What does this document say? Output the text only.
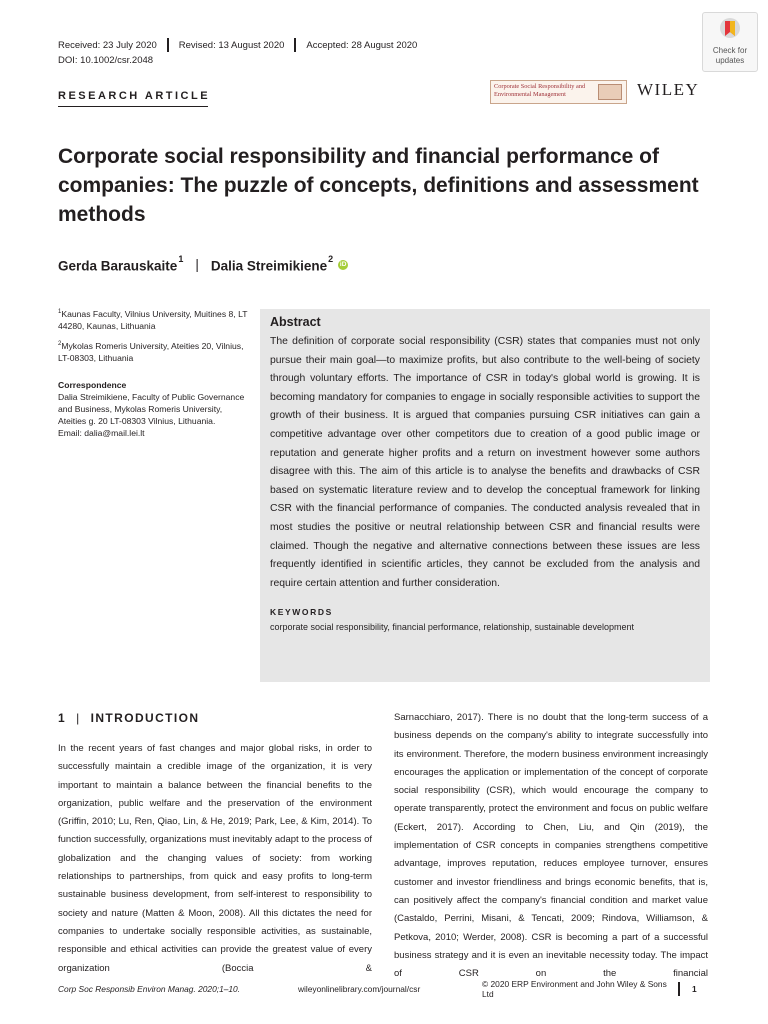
Received: 23 July 2020 Revised: 13 August 2020 Accepted: 28 August 2020
DOI: 10.1002/csr.2048
RESEARCH ARTICLE
Check for
updates
Corporate Social Responsibility and Environmental Management	WILEY
Corporate social responsibility and financial performance of companies: The puzzle of concepts, definitions and assessment methods
Gerda Barauskaite$^1$ | Dalia Streimikiene$^2$
iD

$^1$Kaunas Faculty, Vilnius University, Muitines 8, LT 44280, Kaunas, Lithuania

$^2$Mykolas Romeris University, Ateities 20, Vilnius, LT-08303, Lithuania

Correspondence
Dalia Streimikiene, Faculty of Public Governance and Business, Mykolas Romeris University, Ateities g. 20 LT-08303 Vilnius, Lithuania.
Email: dalia@mail.lei.lt
Abstract

The definition of corporate social responsibility (CSR) states that companies must not only pursue their main goal—to maximize profits, but also contribute to the well-being of society through voluntary efforts. The importance of CSR in today's global world is growing. It is becoming mandatory for companies to engage in socially responsible activities to support the growth of their business. It is argued that companies pursuing CSR initiatives can gain a competitive advantage over other competitors due to creation of a good public image or reputation and generate higher profits and a return on investment however some authors disagree with this. The aim of this article is to analyse the benefits and drawbacks of CSR based on systematic literature review and to develop the conceptual framework for linking CSR with the financial performance of companies. The conducted analysis revealed that in most studies the positive or neutral relationship between CSR and financial results were claimed. Though the negative and alternative connections between these issues are less frequently identified in scientific articles, they cannot be excluded from the analysis and require certain attention and further consideration.

KEYWORDS
corporate social responsibility, financial performance, relationship, sustainable development
1 | INTRODUCTION

In the recent years of fast changes and major global risks, in order to successfully maintain a credible image of the organization, it is very important to maintain a balance between the financial benefits to the organization, public welfare and the preservation of the environment (Griffin, 2010; Lu, Ren, Qiao, Lin, & He, 2019; Park, Lee, & Kim, 2014). To function successfully, organizations must inevitably adapt to the process of globalization and the changing values of society: from working relationships to partnerships, from quick and easy profits to long-term sustainable business development, from self-interest to responsibility to society and nature (Matten & Moon, 2008). All this dictates the need for companies to undertake socially responsible activities, as sustainable, responsible and ethical activities can provide the greatest value of every organization (Boccia &

Sarnacchiaro, 2017). There is no doubt that the long-term success of a business depends on the company's ability to integrate successfully into its environment. Therefore, the modern business environment increasingly encourages the application or implementation of the concept of corporate social responsibility (CSR), which would encourage the company to operate transparently, protect the environment and focus on public welfare (Eckert, 2017). According to Chen, Liu, and Qin (2019), the implementation of CSR concepts in companies strengthens competitive advantage, improves reputation, reduces employee turnover, ensures customer and investor friendliness and brings economic benefits, that is, can positively affect the company's financial condition and market value (Castaldo, Perrini, Misani, & Tencati, 2009; Rindova, Williamson, & Petkova, 2010; Werder, 2008). CSR is becoming a part of a successful business strategy and it is even an inevitable necessity today. The impact of CSR on the financial

Corp Soc Responsib Environ Manag. 2020;1–10.	wileyonlinelibrary.com/journal/csr	© 2020 ERP Environment and John Wiley & Sons Ltd	1
